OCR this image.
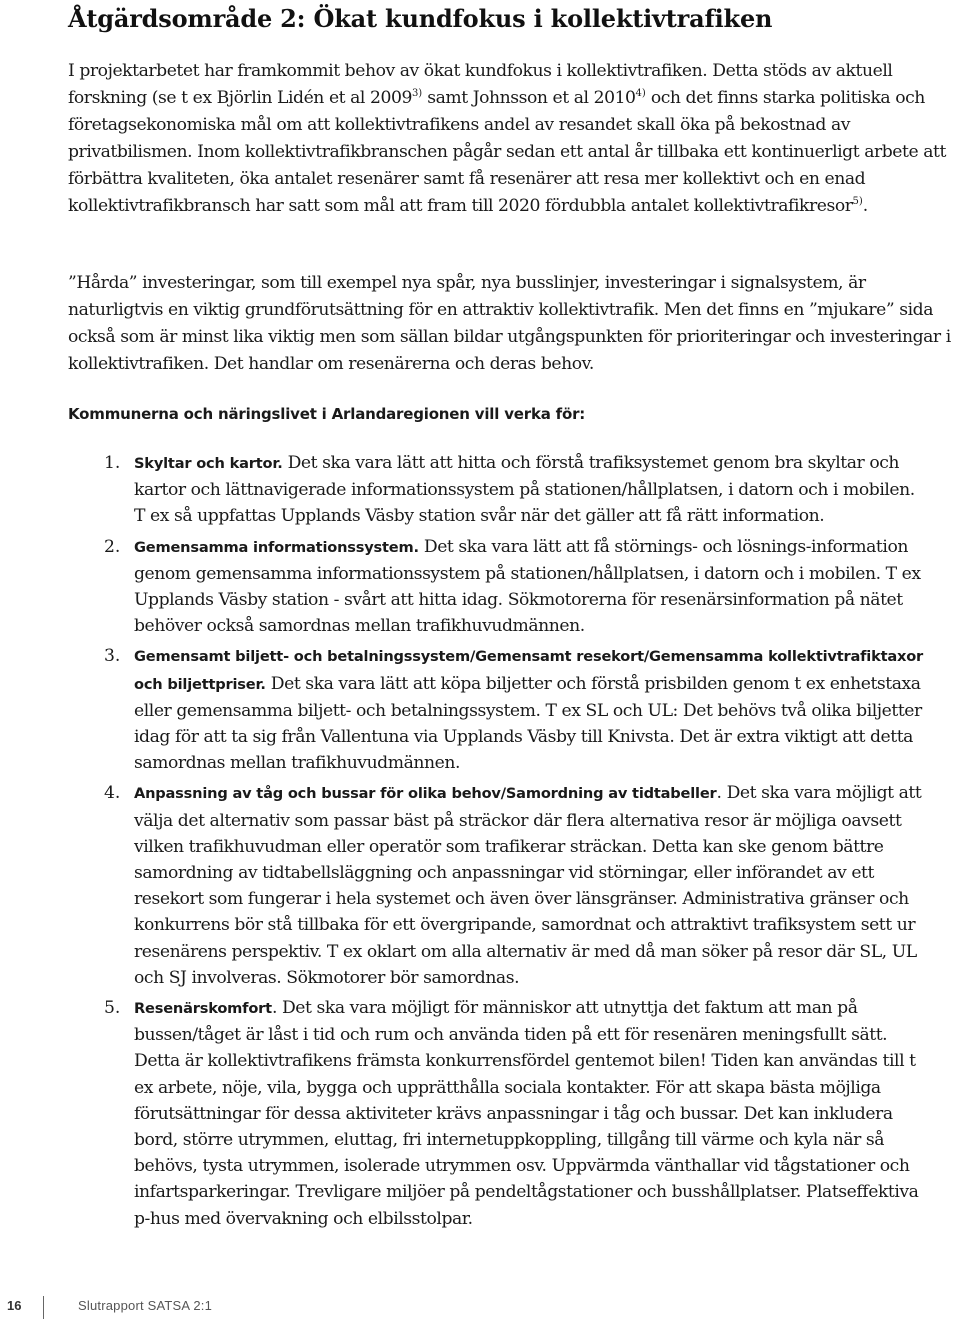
Åtgärdsområde 2: Ökat kundfokus i kollektivtrafiken

I projektarbetet har framkommit behov av ökat kundfokus i kollektivtrafiken. Detta stöds av aktuell forskning (se t ex Björlin Lidén et al 2009$^{3)}$ samt Johnsson et al 2010$^{4)}$ och det finns starka politiska och företagsekonomiska mål om att kollektivtrafikens andel av resandet skall öka på bekostnad av privatbilismen. Inom kollektivtrafikbranschen pågår sedan ett antal år tillbaka ett kontinuerligt arbete att förbättra kvaliteten, öka antalet resenärer samt få resenärer att resa mer kollektivt och en enad kollektivtrafikbransch har satt som mål att fram till 2020 fördubbla antalet kollektivtrafikresor$^{5)}$.

”Hårda” investeringar, som till exempel nya spår, nya busslinjer, investeringar i signalsystem, är naturligtvis en viktig grundförutsättning för en attraktiv kollektivtrafik. Men det finns en ”mjukare” sida också som är minst lika viktig men som sällan bildar utgångspunkten för prioriteringar och investeringar i kollektivtrafiken. Det handlar om resenärerna och deras behov.

Kommunerna och näringslivet i Arlandaregionen vill verka för:

1. Skyltar och kartor. Det ska vara lätt att hitta och förstå trafiksystemet genom bra skyltar och kartor och lättnavigerade informationssystem på stationen/hållplatsen, i datorn och i mobilen. T ex så uppfattas Upplands Väsby station svår när det gäller att få rätt information.
2. Gemensamma informationssystem. Det ska vara lätt att få störnings- och lösnings-information genom gemensamma informationssystem på stationen/hållplatsen, i datorn och i mobilen. T ex Upplands Väsby station - svårt att hitta idag. Sökmotorerna för resenärsinformation på nätet behöver också samordnas mellan trafikhuvudmännen.
3. Gemensamt biljett- och betalningssystem/Gemensamt resekort/Gemensamma kollektivtrafiktaxor och biljettpriser. Det ska vara lätt att köpa biljetter och förstå prisbilden genom t ex enhetstaxa eller gemensamma biljett- och betalningssystem. T ex SL och UL: Det behövs två olika biljetter idag för att ta sig från Vallentuna via Upplands Väsby till Knivsta. Det är extra viktigt att detta samordnas mellan trafikhuvudmännen.
4. Anpassning av tåg och bussar för olika behov/Samordning av tidtabeller. Det ska vara möjligt att välja det alternativ som passar bäst på sträckor där flera alternativa resor är möjliga oavsett vilken trafikhuvudman eller operatör som trafikerar sträckan. Detta kan ske genom bättre samordning av tidtabellsläggning och anpassningar vid störningar, eller införandet av ett resekort som fungerar i hela systemet och även över länsgränser. Administrativa gränser och konkurrens bör stå tillbaka för ett övergripande, samordnat och attraktivt trafiksystem sett ur resenärens perspektiv. T ex oklart om alla alternativ är med då man söker på resor där SL, UL och SJ involveras. Sökmotorer bör samordnas.
5. Resenärskomfort. Det ska vara möjligt för människor att utnyttja det faktum att man på bussen/tåget är låst i tid och rum och använda tiden på ett för resenären meningsfullt sätt. Detta är kollektivtrafikens främsta konkurrensfördel gentemot bilen! Tiden kan användas till t ex arbete, nöje, vila, bygga och upprätthålla sociala kontakter. För att skapa bästa möjliga förutsättningar för dessa aktiviteter krävs anpassningar i tåg och bussar. Det kan inkludera bord, större utrymmen, eluttag, fri internetuppkoppling, tillgång till värme och kyla när så behövs, tysta utrymmen, isolerade utrymmen osv. Uppvärmda vänthallar vid tågstationer och infartsparkeringar. Trevligare miljöer på pendeltågstationer och busshållplatser. Platseffektiva p-hus med övervakning och elbilsstolpar.
16	Slutrapport SATSA 2:1
